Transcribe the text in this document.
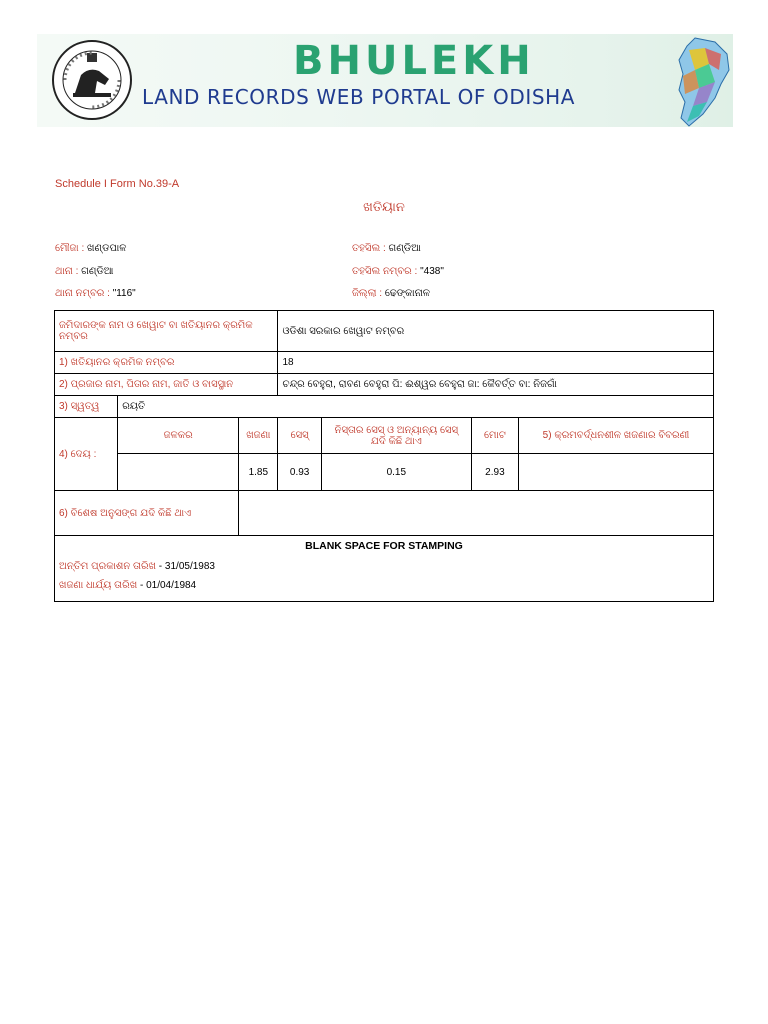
BHULEKH
LAND RECORDS WEB PORTAL OF ODISHA
Schedule I Form No.39-A
ଖତିୟାନ
ମୌଜା : ଖଣ୍ଡପାଳ	ତହସିଲ : ଗଣ୍ଡିଆ
ଥାନା : ଗଣ୍ଡିଆ	ତହସିଲ ନମ୍ବର : "438"
ଥାନା ନମ୍ବର : "116"	ଜିଲ୍ଲା : ଢେଙ୍କାନାଳ
ଜମିଦାରଙ୍କ ନାମ ଓ ଖେୱାଟ ବା ଖତିୟାନର କ୍ରମିକ ନମ୍ବର			ଓଡିଶା ସରକାର ଖେୱାଟ ନମ୍ବର			
1) ଖତିୟାନର କ୍ରମିକ ନମ୍ବର			18			
2) ପ୍ରଜାର ନାମ, ପିତାର ନାମ, ଜାତି ଓ ବାସସ୍ଥାନ			ଚନ୍ଦ୍ର ବେହୁରା, ରାବଣ ବେହୁରା ପି: ଈଶ୍ୱର ବେହୁରା ଜା: କୈବର୍ତ୍ତ ବା: ନିଜଗାଁ			
3) ସ୍ୱତ୍ୱ	ରୟତି					
4) ଦେୟ :	ଜଳକର	ଖଜଣା	ସେସ୍	ନିସ୍ତାର ସେସ୍ ଓ ଅନ୍ୟାନ୍ୟ ସେସ୍ ଯଦି କିଛି ଥାଏ	ମୋଟ	5) କ୍ରମବର୍ଦ୍ଧନଶୀଳ ଖଜଣାର ବିବରଣୀ
		1.85	0.93	0.15	2.93	
6) ବିଶେଷ ଅନୁସଙ୍ଗ ଯଦି କିଛି ଥାଏ						

BLANK SPACE FOR STAMPING
ଅନ୍ତିମ ପ୍ରକାଶନ ତାରିଖ - 31/05/1983
ଖଜଣା ଧାର୍ଯ୍ୟ ତାରିଖ - 01/04/1984						
